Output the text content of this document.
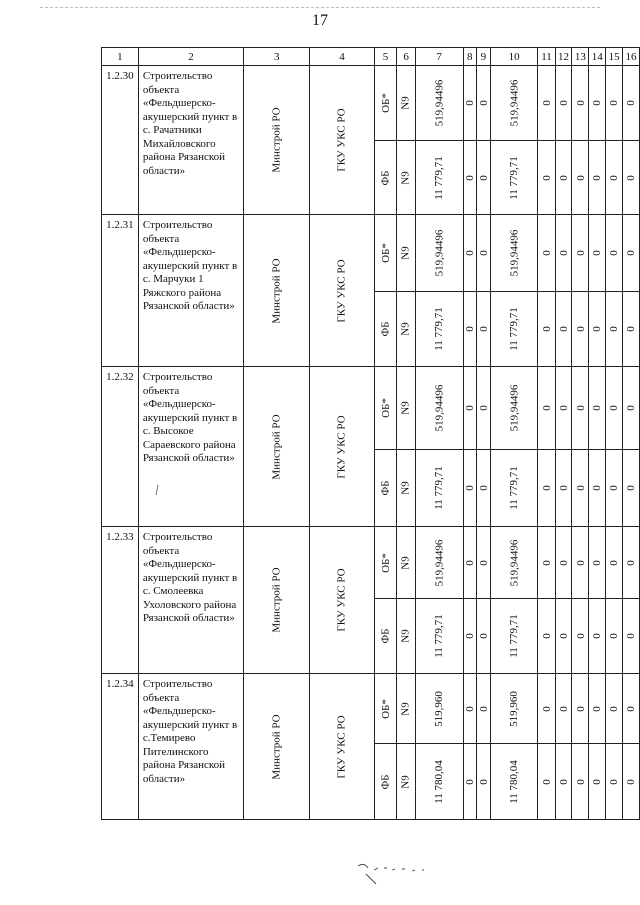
17
1	2	3	4	5	6	7	8	9	10	11	12	13	14	15	16
1.2.30	Строительство объекта «Фельдшерско-акушерский пункт в с. Рачатники Михайловского района Рязанской области»	Минстрой РО	ГКУ УКС РО	ОБ*	N9	519,94496	0	0	519,94496	0	0	0	0	0	0
				ФБ	N9	11 779,71	0	0	11 779,71	0	0	0	0	0	0
1.2.31	Строительство объекта «Фельдшерско-акушерский пункт в с. Марчуки 1 Ряжского района Рязанской области»	Минстрой РО	ГКУ УКС РО	ОБ*	N9	519,94496	0	0	519,94496	0	0	0	0	0	0
				ФБ	N9	11 779,71	0	0	11 779,71	0	0	0	0	0	0
1.2.32	Строительство объекта «Фельдшерско-акушерский пункт в с. Высокое Сараевского района Рязанской области»	Минстрой РО	ГКУ УКС РО	ОБ*	N9	519,94496	0	0	519,94496	0	0	0	0	0	0
				ФБ	N9	11 779,71	0	0	11 779,71	0	0	0	0	0	0
1.2.33	Строительство объекта «Фельдшерско-акушерский пункт в с. Смолеевка Ухоловского района Рязанской области»	Минстрой РО	ГКУ УКС РО	ОБ*	N9	519,94496	0	0	519,94496	0	0	0	0	0	0
				ФБ	N9	11 779,71	0	0	11 779,71	0	0	0	0	0	0
1.2.34	Строительство объекта «Фельдшерско-акушерский пункт в с.Темирево Пителинского района Рязанской области»	Минстрой РО	ГКУ УКС РО	ОБ*	N9	519,960	0	0	519,960	0	0	0	0	0	0
				ФБ	N9	11 780,04	0	0	11 780,04	0	0	0	0	0	0
